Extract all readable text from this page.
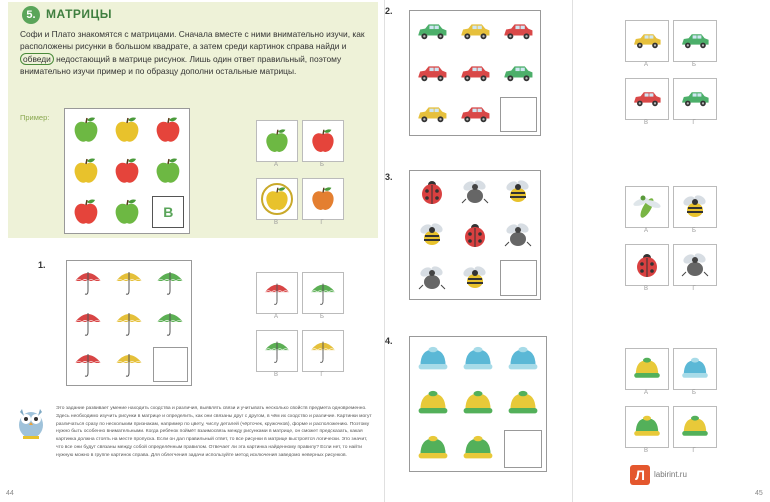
5. МАТРИЦЫ
Софи и Плато знакомятся с матрицами. Сначала вместе с ними внимательно изучи, как расположены рисунки в большом квадрате, а затем среди картинок справа найди и обведи недостающий в матрице рисунок. Лишь один ответ правильный, поэтому внимательно изучи пример и по образцу дополни остальные матрицы.
Пример:
В
А	Б
В	Г
1.
А	Б
В	Г
Это задание развивает умение находить сходства и различия, выявлять связи и учитывать несколько свойств предмета одновременно. Здесь необходимо изучить рисунки в матрице и определить, как они связаны друг с другом, в чём их сходство и различие. Картинки могут различаться сразу по нескольким признакам, например по цвету, числу деталей (чёрточек, кружочков), форме и расположению. Поэтому нужно быть особенно внимательными. Когда ребёнок поймёт взаимосвязь между рисунками в матрице, он сможет предсказать, какая картинка должна стоять на месте пропуска. Если он дал правильный ответ, то все рисунки в матрице выстроятся логически. Это значит, что все они будут связаны между собой определённым правилом. Отвечает ли эта картинка найденному правилу? Если нет, то найти нужную можно в группе картинок справа. Для облегчения задачи используйте метод исключения заведомо неверных рисунков.
44
2.
А	Б
В	Г
3.
А	Б
В	Г
4.
А	Б
В	Г
45
Л	labirint.ru
